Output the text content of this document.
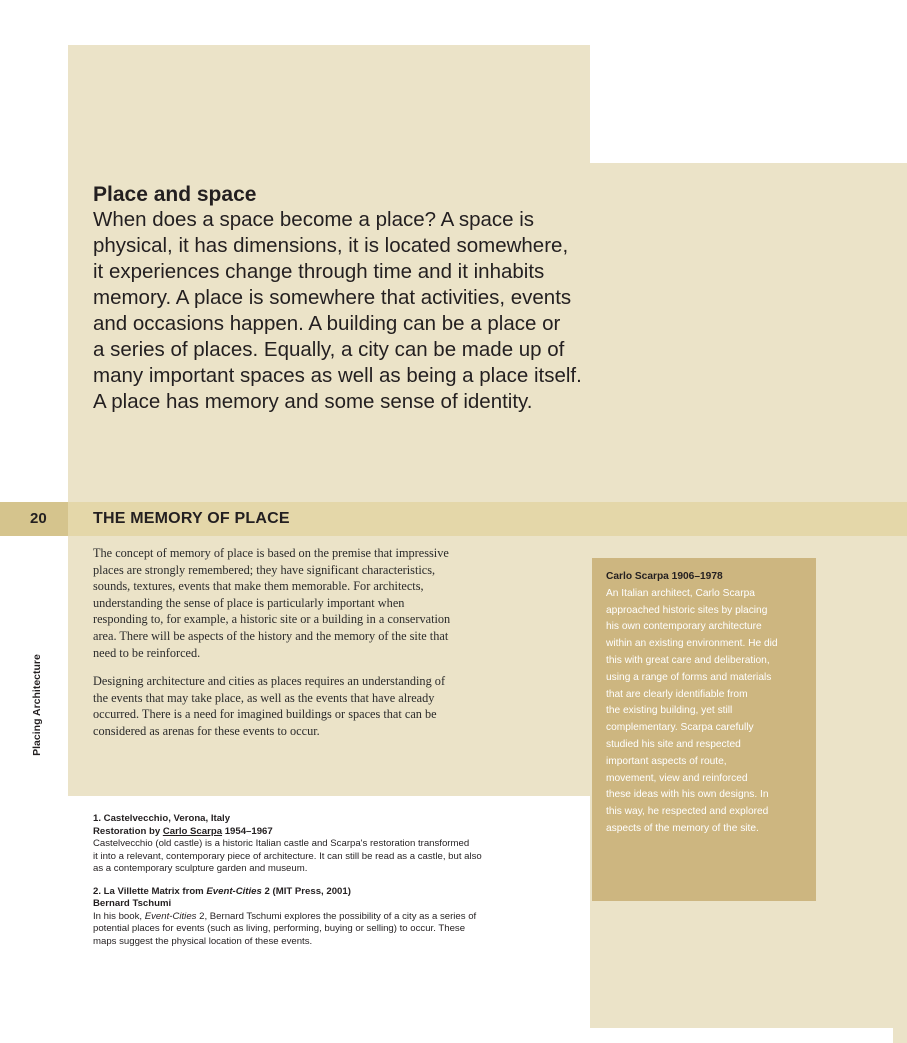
Place and space

When does a space become a place? A space is
physical, it has dimensions, it is located somewhere,
it experiences change through time and it inhabits
memory. A place is somewhere that activities, events
and occasions happen. A building can be a place or
a series of places. Equally, a city can be made up of
many important spaces as well as being a place itself.
A place has memory and some sense of identity.

20	THE MEMORY OF PLACE
Placing Architecture

The concept of memory of place is based on the premise that impressive
places are strongly remembered; they have significant characteristics,
sounds, textures, events that make them memorable. For architects,
understanding the sense of place is particularly important when
responding to, for example, a historic site or a building in a conservation
area. There will be aspects of the history and the memory of the site that
need to be reinforced.

Designing architecture and cities as places requires an understanding of
the events that may take place, as well as the events that have already
occurred. There is a need for imagined buildings or spaces that can be
considered as arenas for these events to occur.

Carlo Scarpa 1906–1978
An Italian architect, Carlo Scarpa
approached historic sites by placing
his own contemporary architecture
within an existing environment. He did
this with great care and deliberation,
using a range of forms and materials
that are clearly identifiable from
the existing building, yet still
complementary. Scarpa carefully
studied his site and respected
important aspects of route,
movement, view and reinforced
these ideas with his own designs. In
this way, he respected and explored
aspects of the memory of the site.
1. Castelvecchio, Verona, Italy
Restoration by Carlo Scarpa 1954–1967
Castelvecchio (old castle) is a historic Italian castle and Scarpa's restoration transformed
it into a relevant, contemporary piece of architecture. It can still be read as a castle, but also
as a contemporary sculpture garden and museum.
2. La Villette Matrix from Event-Cities 2 (MIT Press, 2001)
Bernard Tschumi
In his book, Event-Cities 2, Bernard Tschumi explores the possibility of a city as a series of
potential places for events (such as living, performing, buying or selling) to occur. These
maps suggest the physical location of these events.
